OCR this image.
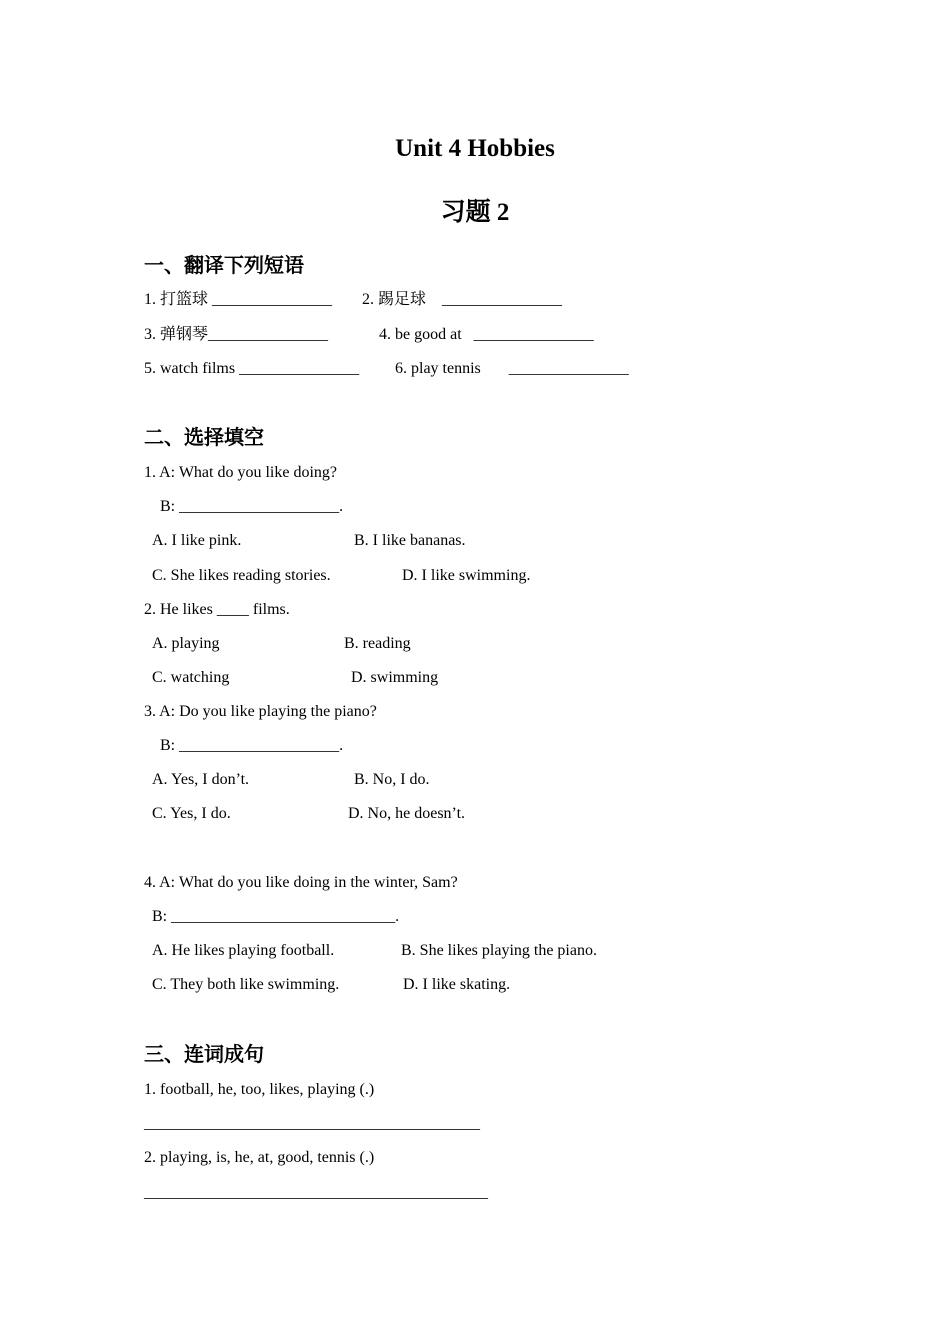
Unit 4 Hobbies
习题 2
一、翻译下列短语
1. 打篮球 _______________ 2. 踢足球    _______________
3. 弹钢琴_______________	4. be good at   _______________
5. watch films _______________ 6. play tennis       _______________
二、选择填空
1. A: What do you like doing?
B: ____________________.
A. I like pink.	B. I like bananas.
C. She likes reading stories.	D. I like swimming.
2. He likes ____ films.
A. playing	B. reading
C. watching	D. swimming
3. A: Do you like playing the piano?
B: ____________________.
A. Yes, I don’t.	B. No, I do.
C. Yes, I do.	D. No, he doesn’t.
4. A: What do you like doing in the winter, Sam?
B: ____________________________.
A. He likes playing football.	B. She likes playing the piano.
C. They both like swimming.	D. I like skating.
三、连词成句
1. football, he, too, likes, playing (.)
__________________________________________
2. playing, is, he, at, good, tennis (.)
___________________________________________
